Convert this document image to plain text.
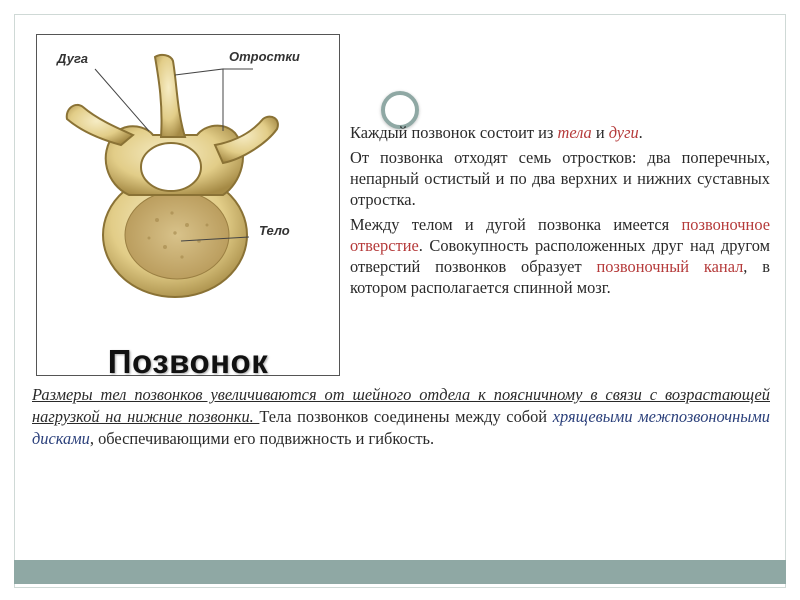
Дуга	Отростки
Тело
Позвонок

Каждый позвонок состоит из тела и дуги.

От позвонка отходят семь отростков: два поперечных, непарный остистый и по два верхних и нижних суставных отростка.

Между телом и дугой позвонка имеется позвоночное отверстие. Совокупность расположенных друг над другом отверстий позвонков образует позвоночный канал, в котором располагается спинной мозг.

Размеры тел позвонков увеличиваются от шейного отдела к поясничному в связи с возрастающей нагрузкой на нижние позвонки. Тела позвонков соединены между собой хрящевыми межпозвоночными дисками, обеспечивающими его подвижность и гибкость.
